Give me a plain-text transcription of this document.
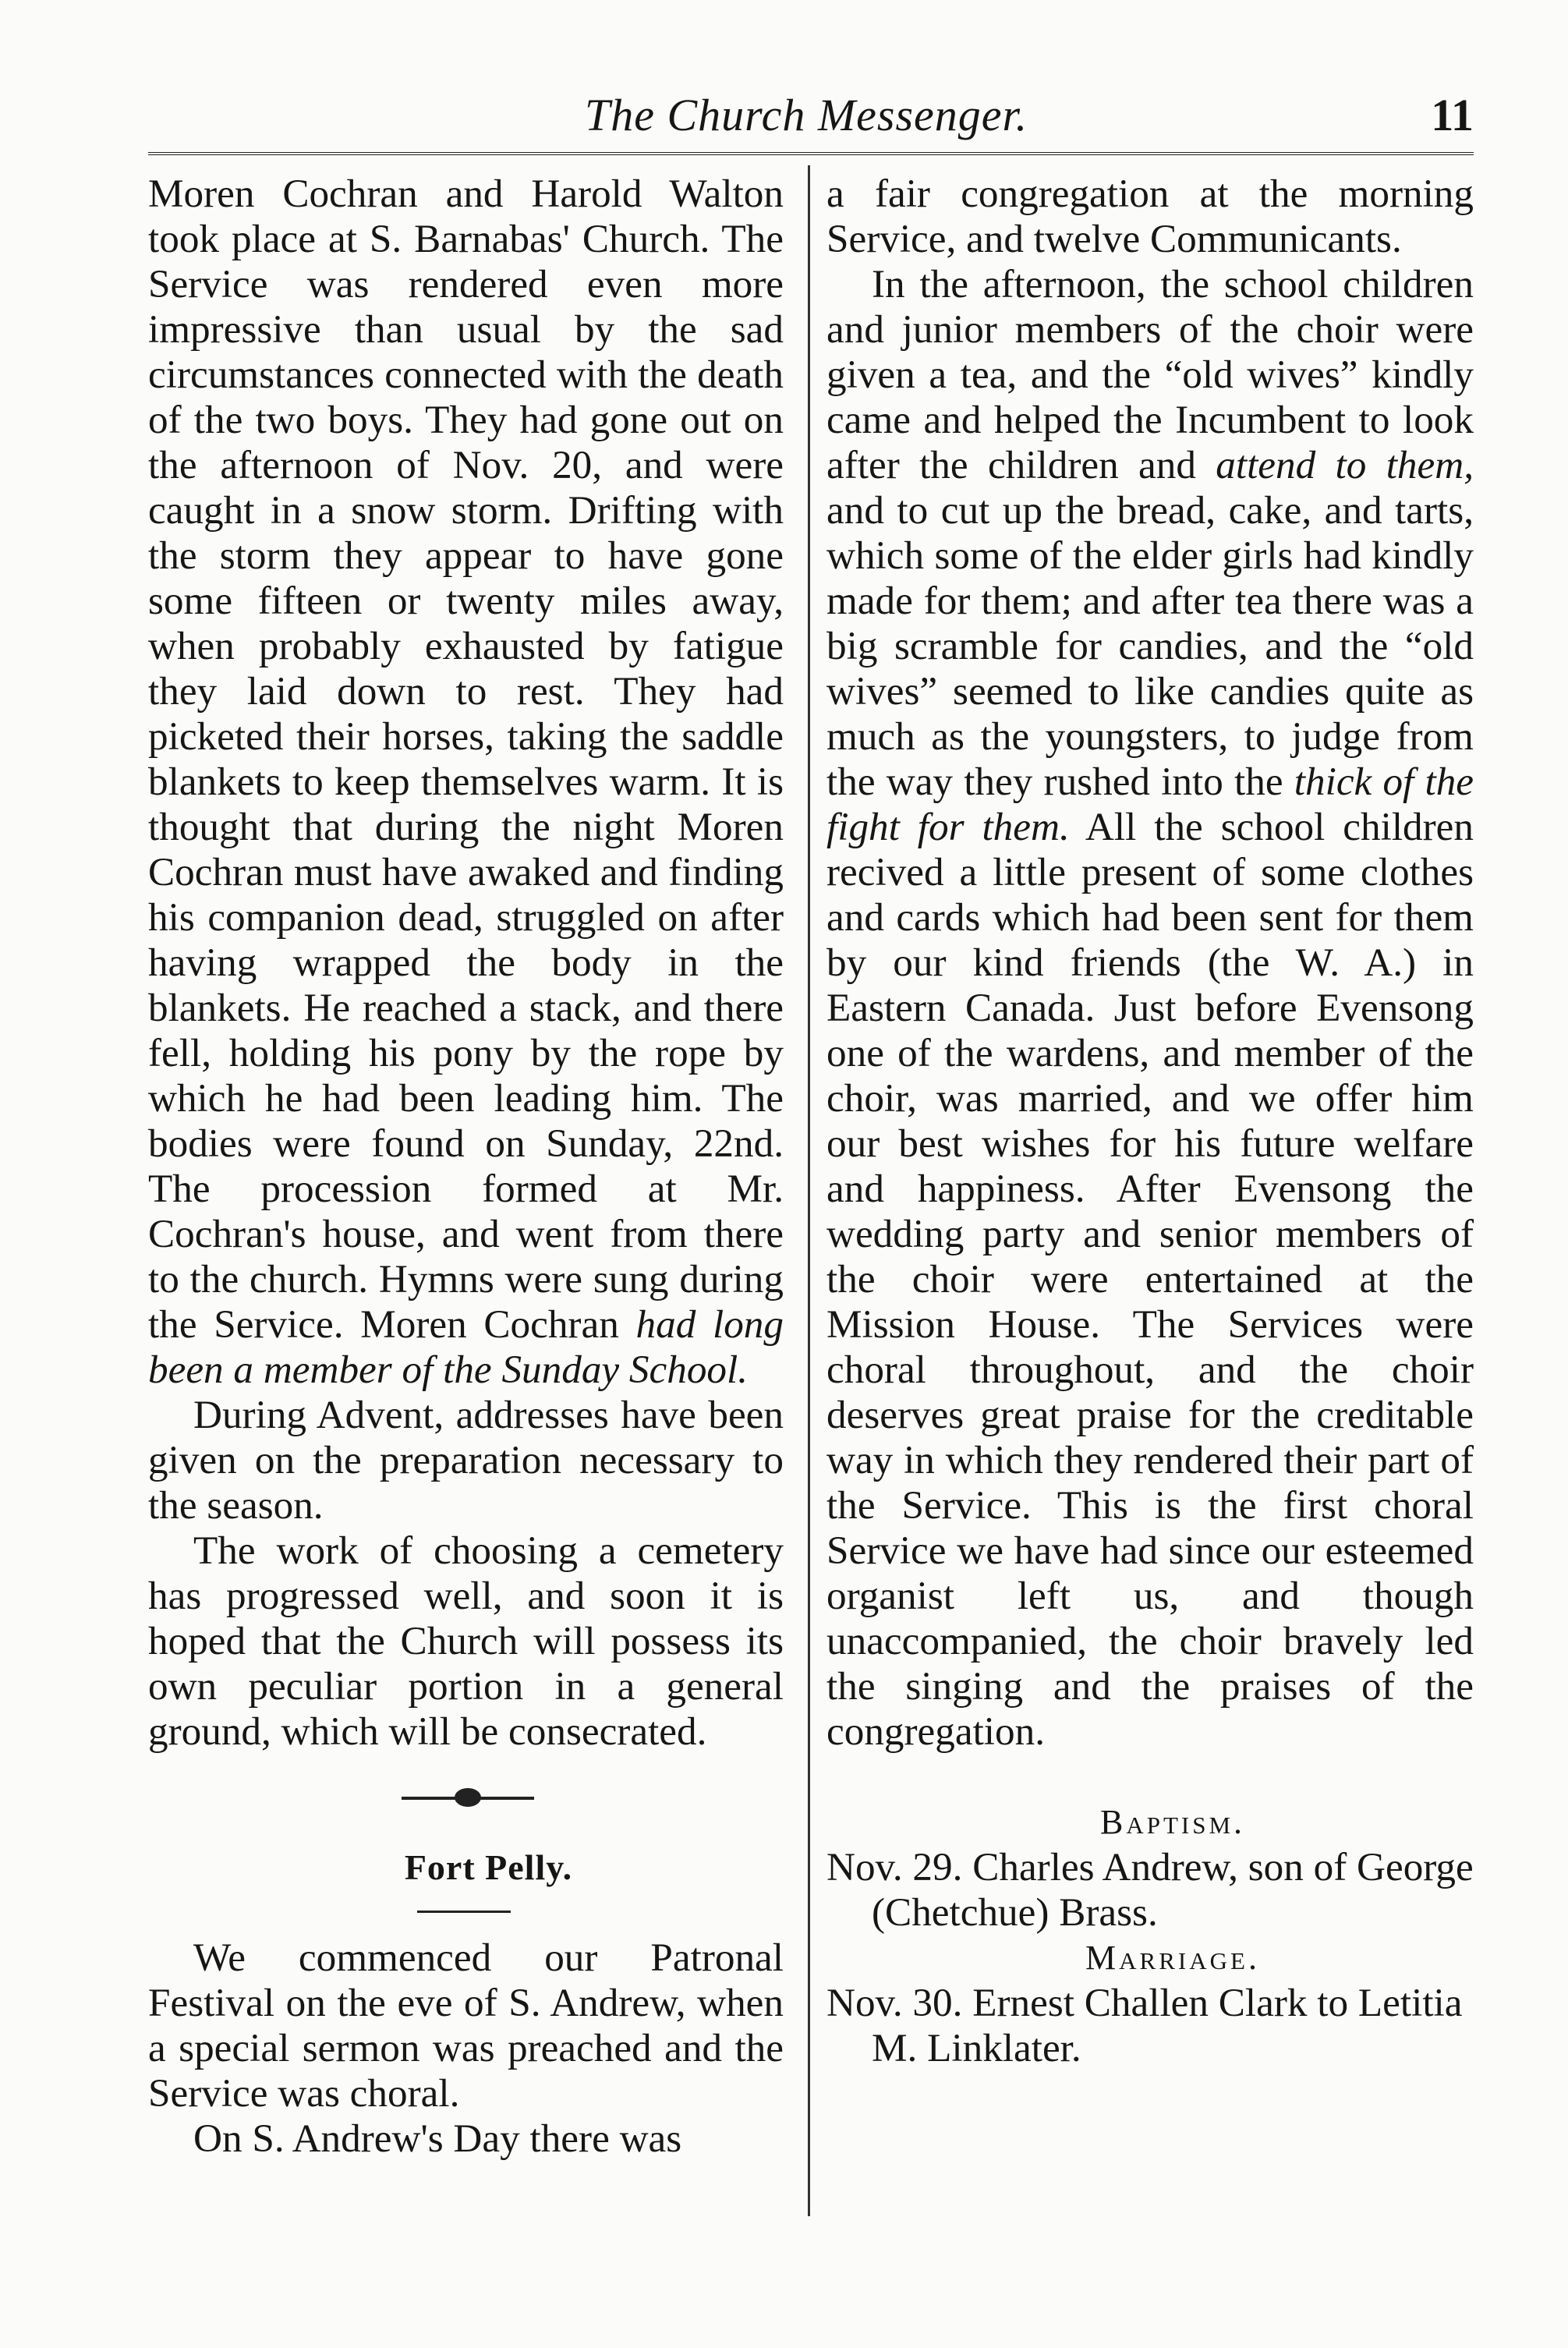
The Church Messenger.	11

Moren Cochran and Harold Walton took place at S. Barnabas' Church. The Service was rendered even more impressive than usual by the sad circumstances connected with the death of the two boys. They had gone out on the afternoon of Nov. 20, and were caught in a snow storm. Drifting with the storm they appear to have gone some fifteen or twenty miles away, when probably exhausted by fatigue they laid down to rest. They had picketed their horses, taking the saddle blankets to keep themselves warm. It is thought that during the night Moren Cochran must have awaked and finding his companion dead, struggled on after having wrapped the body in the blankets. He reached a stack, and there fell, holding his pony by the rope by which he had been leading him. The bodies were found on Sunday, 22nd. The procession formed at Mr. Cochran's house, and went from there to the church. Hymns were sung during the Service. Moren Cochran had long been a member of the Sunday School.

During Advent, addresses have been given on the preparation necessary to the season.

The work of choosing a cemetery has progressed well, and soon it is hoped that the Church will possess its own peculiar portion in a general ground, which will be consecrated.

Fort Pelly.

We commenced our Patronal Festival on the eve of S. Andrew, when a special sermon was preached and the Service was choral.

On S. Andrew's Day there was

a fair congregation at the morning Service, and twelve Communicants.

In the afternoon, the school children and junior members of the choir were given a tea, and the “old wives” kindly came and helped the Incumbent to look after the children and attend to them, and to cut up the bread, cake, and tarts, which some of the elder girls had kindly made for them; and after tea there was a big scramble for candies, and the “old wives” seemed to like candies quite as much as the youngsters, to judge from the way they rushed into the thick of the fight for them. All the school children recived a little present of some clothes and cards which had been sent for them by our kind friends (the W. A.) in Eastern Canada. Just before Evensong one of the wardens, and member of the choir, was married, and we offer him our best wishes for his future welfare and happiness. After Evensong the wedding party and senior members of the choir were entertained at the Mission House. The Services were choral throughout, and the choir deserves great praise for the creditable way in which they rendered their part of the Service. This is the first choral Service we have had since our esteemed organist left us, and though unaccompanied, the choir bravely led the singing and the praises of the congregation.

Baptism.

Nov. 29. Charles Andrew, son of George (Chetchue) Brass.

Marriage.

Nov. 30. Ernest Challen Clark to Letitia M. Linklater.
